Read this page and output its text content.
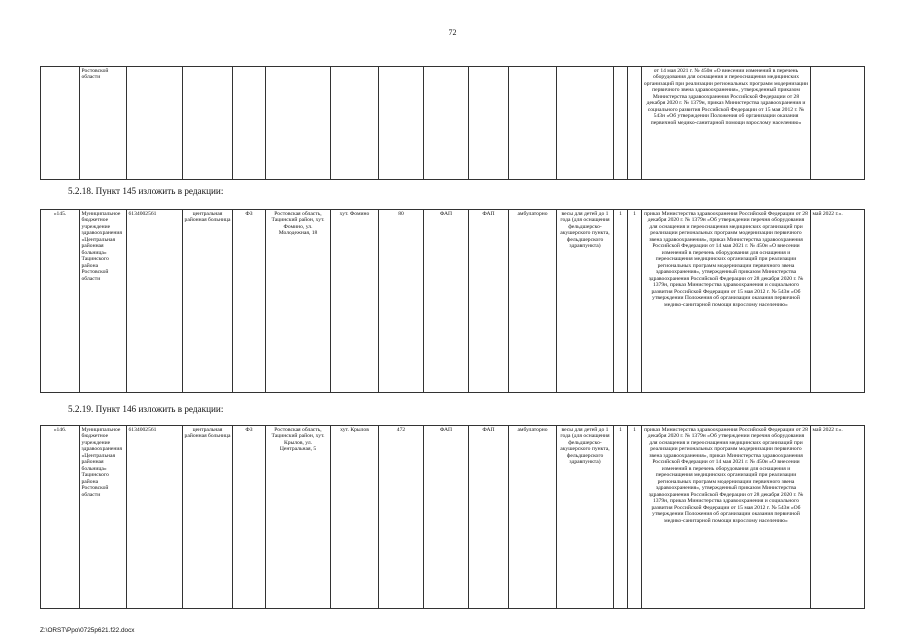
72
	Ростовской области													от 14 мая 2021 г. № 450н «О внесении изменений в перечень оборудования для оснащения и переоснащения медицинских организаций при реализации региональных программ модернизации первичного звена здравоохранения», утвержденный приказом Министерства здравоохранения Российской Федерации от 28 декабря 2020 г. № 1379н, приказ Министерства здравоохранения и социального развития Российской Федерации от 15 мая 2012 г. № 543н «Об утверждении Положения об организации оказания первичной медико-санитарной помощи взрослому населению»	
5.2.18. Пункт 145 изложить в редакции:
«145.	Муниципальное бюджетное учреждение здравоохранения «Центральная районная больница» Тацинского района Ростовской области	6134002561	центральная районная больница	ФЗ	Ростовская область, Тацинский район, хут. Фомино, ул. Молодежная, 18	хут. Фомино	80	ФАП	ФАП	амбулаторно	весы для детей до 1 года (для оснащения фельдшерско-акушерского пункта, фельдшерского здравпункта)	1	1	приказ Министерства здравоохранения Российской Федерации от 28 декабря 2020 г. № 1379н «Об утверждении перечня оборудования для оснащения и переоснащения медицинских организаций при реализации региональных программ модернизации первичного звена здравоохранения», приказ Министерства здравоохранения Российской Федерации от 14 мая 2021 г. № 450н «О внесении изменений в перечень оборудования для оснащения и переоснащения медицинских организаций при реализации региональных программ модернизации первичного звена здравоохранения», утвержденный приказом Министерства здравоохранения Российской Федерации от 28 декабря 2020 г. № 1379н, приказ Министерства здравоохранения и социального развития Российской Федерации от 15 мая 2012 г. № 543н «Об утверждении Положения об организации оказания первичной медико-санитарной помощи взрослому населению»	май 2022 г.».
5.2.19. Пункт 146 изложить в редакции:
«146.	Муниципальное бюджетное учреждение здравоохранения «Центральная районная больница» Тацинского района Ростовской области	6134002561	центральная районная больница	ФЗ	Ростовская область, Тацинский район, хут. Крылов, ул. Центральная, 5	хут. Крылов	472	ФАП	ФАП	амбулаторно	весы для детей до 1 года (для оснащения фельдшерско-акушерского пункта, фельдшерского здравпункта)	1	1	приказ Министерства здравоохранения Российской Федерации от 28 декабря 2020 г. № 1379н «Об утверждении перечня оборудования для оснащения и переоснащения медицинских организаций при реализации региональных программ модернизации первичного звена здравоохранения», приказ Министерства здравоохранения Российской Федерации от 14 мая 2021 г. № 450н «О внесении изменений в перечень оборудования для оснащения и переоснащения медицинских организаций при реализации региональных программ модернизации первичного звена здравоохранения», утвержденный приказом Министерства здравоохранения Российской Федерации от 28 декабря 2020 г. № 1379н, приказ Министерства здравоохранения и социального развития Российской Федерации от 15 мая 2012 г. № 543н «Об утверждении Положения об организации оказания первичной медико-санитарной помощи взрослому населению»	май 2022 г.».
Z:\ORST\Ppo\0725p621.f22.docx
